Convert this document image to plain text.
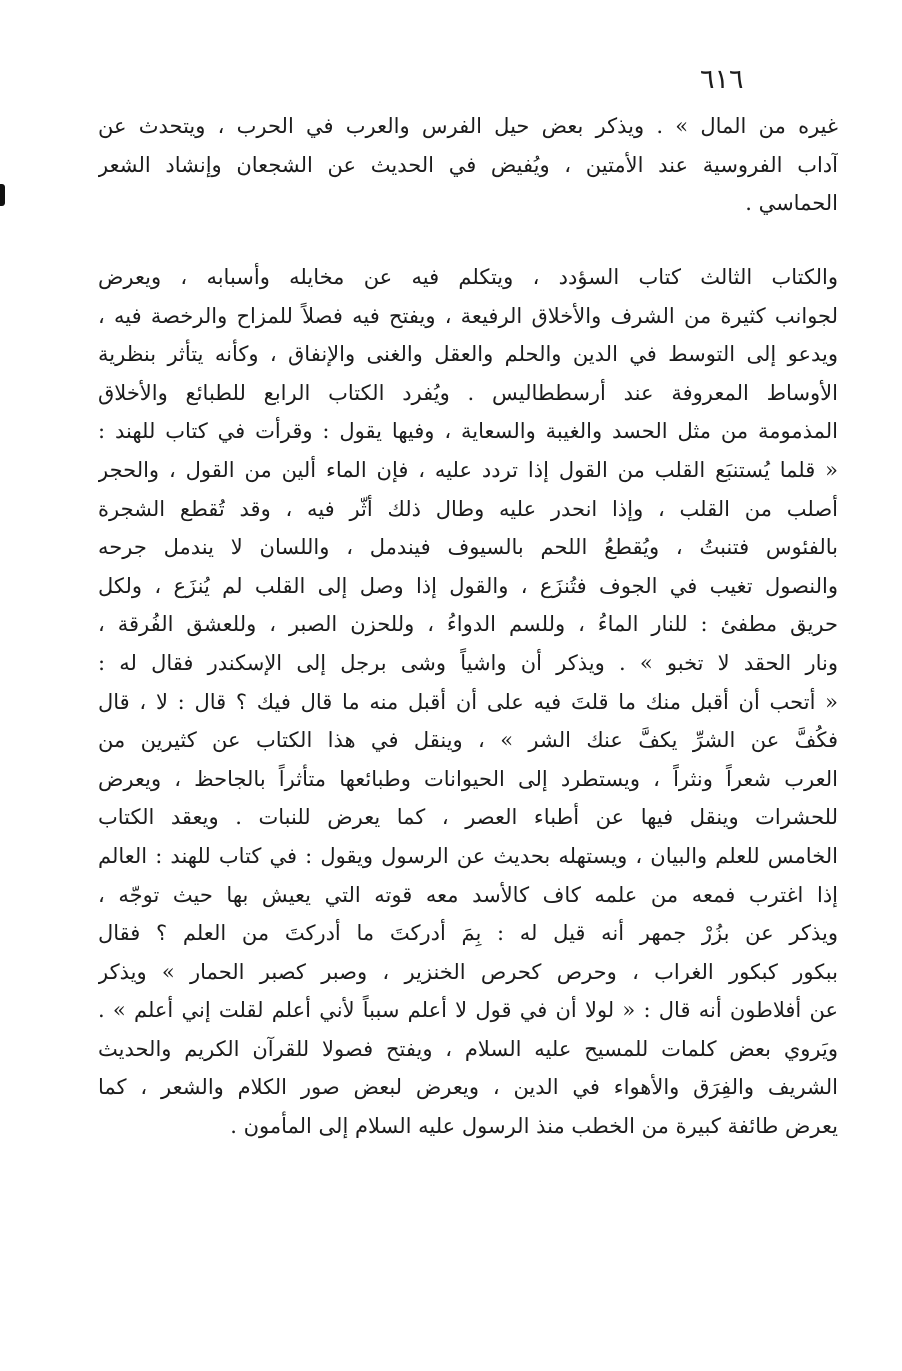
٦١٦
غيره من المال » . ويذكر بعض حيل الفرس والعرب في الحرب ، ويتحدث عن
آداب الفروسية عند الأمتين ، ويُفيض في الحديث عن الشجعان وإنشاد الشعر
الحماسي .
والكتاب الثالث كتاب السؤدد ، ويتكلم فيه عن مخايله وأسبابه ، ويعرض
لجوانب كثيرة من الشرف والأخلاق الرفيعة ، ويفتح فيه فصلاً للمزاح والرخصة فيه ،
ويدعو إلى التوسط في الدين والحلم والعقل والغنى والإنفاق ، وكأنه يتأثر بنظرية
الأوساط المعروفة عند أرسططاليس . ويُفرد الكتاب الرابع للطبائع والأخلاق
المذمومة من مثل الحسد والغيبة والسعاية ، وفيها يقول : وقرأت في كتاب للهند :
« قلما يُستنبَع القلب من القول إذا تردد عليه ، فإن الماء ألين من القول ، والحجر
أصلب من القلب ، وإذا انحدر عليه وطال ذلك أثّر فيه ، وقد تُقطع الشجرة
بالفئوس فتنبتُ ، ويُقطعُ اللحم بالسيوف فيندمل ، واللسان لا يندمل جرحه
والنصول تغيب في الجوف فتُنزَع ، والقول إذا وصل إلى القلب لم يُنزَع ، ولكل
حريق مطفئ : للنار الماءُ ، وللسم الدواءُ ، وللحزن الصبر ، وللعشق الفُرقة ،
ونار الحقد لا تخبو » . ويذكر أن واشياً وشى برجل إلى الإسكندر فقال له :
« أتحب أن أقبل منك ما قلتَ فيه على أن أقبل منه ما قال فيك ؟ قال : لا ، قال
فكُفَّ عن الشرِّ يكفَّ عنك الشر » ، وينقل في هذا الكتاب عن كثيرين من
العرب شعراً ونثراً ، ويستطرد إلى الحيوانات وطبائعها متأثراً بالجاحظ ، ويعرض
للحشرات وينقل فيها عن أطباء العصر ، كما يعرض للنبات . ويعقد الكتاب
الخامس للعلم والبيان ، ويستهله بحديث عن الرسول ويقول : في كتاب للهند : العالم
إذا اغترب فمعه من علمه كاف كالأسد معه قوته التي يعيش بها حيث توجّه ،
ويذكر عن بزُرْ جمهر أنه قيل له : بِمَ أدركتَ ما أدركتَ من العلم ؟ فقال
ببكور كبكور الغراب ، وحرص كحرص الخنزير ، وصبر كصبر الحمار » ويذكر
عن أفلاطون أنه قال : « لولا أن في قول لا أعلم سبباً لأني أعلم لقلت إني أعلم » .
ويَروي بعض كلمات للمسيح عليه السلام ، ويفتح فصولا للقرآن الكريم والحديث
الشريف والفِرَق والأهواء في الدين ، ويعرض لبعض صور الكلام والشعر ، كما
يعرض طائفة كبيرة من الخطب منذ الرسول عليه السلام إلى المأمون .
